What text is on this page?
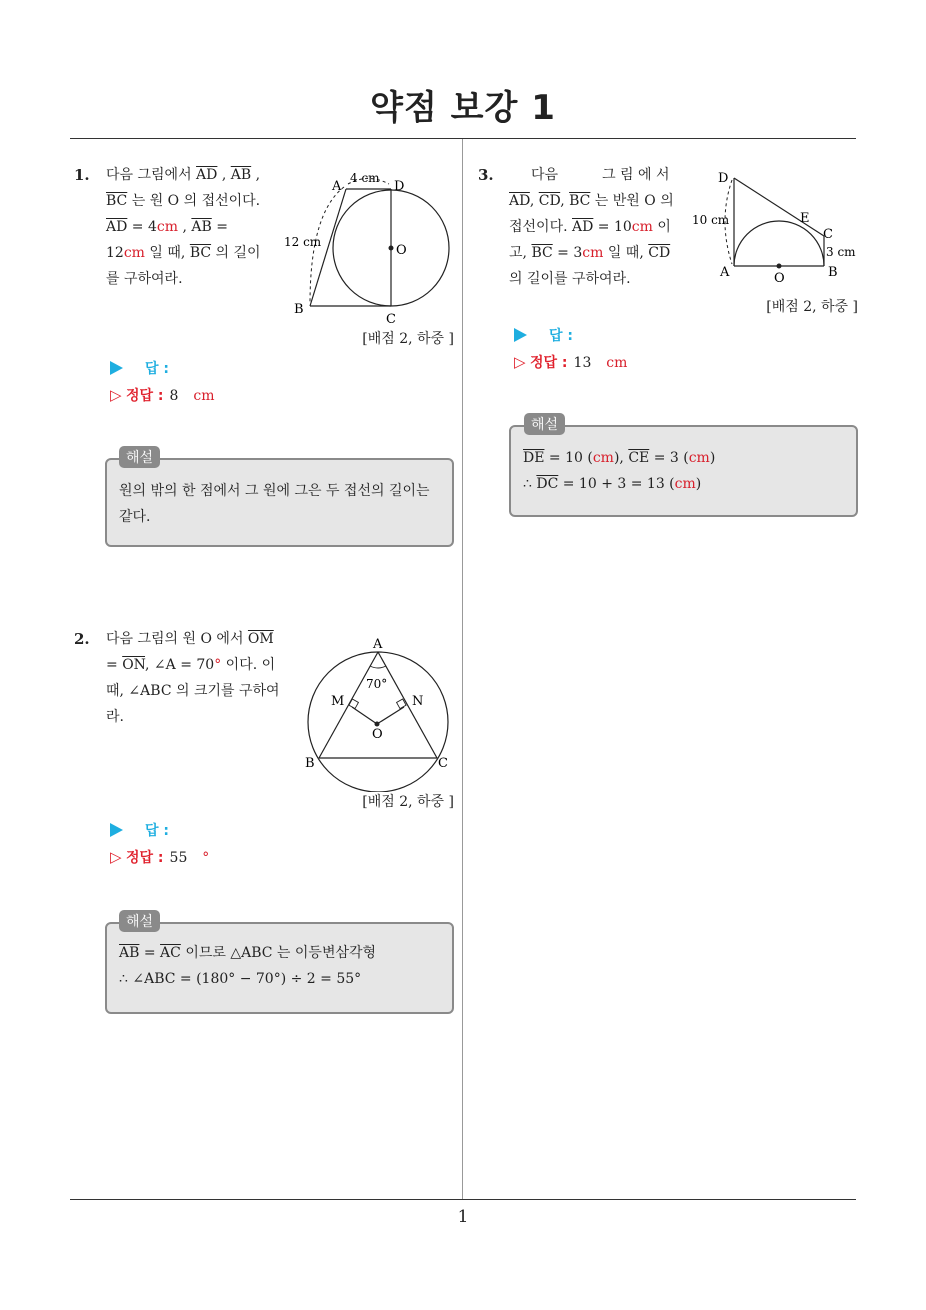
약점 보강 1
1. 다음 그림에서 $\overline{AD}$ , $\overline{AB}$ , $\overline{BC}$ 는 원 O 의 접선이다. $\overline{AD} = 4cm$ , $\overline{AB} = 12cm$ 일 때, $\overline{BC}$ 의 길이를 구하여라.
A	D
O
B
C
4 cm
12 cm
[배점 2, 하중 ]
답 :
▷ 정답 : 8 cm
원의 밖의 한 점에서 그 원에 그은 두 접선의 길이는 같다.
해설
2. 다음 그림의 원 O 에서 $\overline{OM} = \overline{ON}$, ∠A = 70° 이다. 이 때, ∠ABC 의 크기를 구하여라.
A
70°
M	N
O
B	C
[배점 2, 하중 ]
답 :
▷ 정답 : 55 °
$\overline{AB} = \overline{AC}$ 이므로 △ABC 는 이등변삼각형
∴ ∠ABC = (180° − 70°) ÷ 2 = 55°
해설
3.	다음	그 림 에 서 $\overline{AD}$, $\overline{CD}$, $\overline{BC}$ 는 반원 O 의 접선이다. $\overline{AD} = 10cm$ 이고, $\overline{BC} = 3cm$ 일 때, $\overline{CD}$ 의 길이를 구하여라.
D
10 cm	E
C
3 cm
A	O	B
[배점 2, 하중 ]
답 :
▷ 정답 : 13 cm
$\overline{DE} = 10$ (cm), $\overline{CE} = 3$ (cm)
∴ $\overline{DC} = 10 + 3 = 13$ (cm)
해설
1
